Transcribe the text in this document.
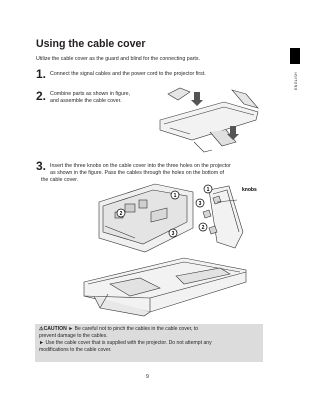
Using the cable cover
Utilize the cable cover as the guard and blind for the connecting parts.
ENGLISH
1. Connect the signal cables and the power cord to the projector first.
2. Combine parts as shown in figure,
and assemble the cable cover.
3. Insert the three knobs on the cable cover into the three holes on the projector
as shown in the figure. Pass the cables through the holes on the bottom of
the cable cover.
1
2
3
1
3
2
knobs
⚠CAUTION ► Be careful not to pinch the cables in the cable cover, to
prevent damage to the cables.
► Use the cable cover that is supplied with the projector. Do not attempt any
modifications to the cable cover.
9
